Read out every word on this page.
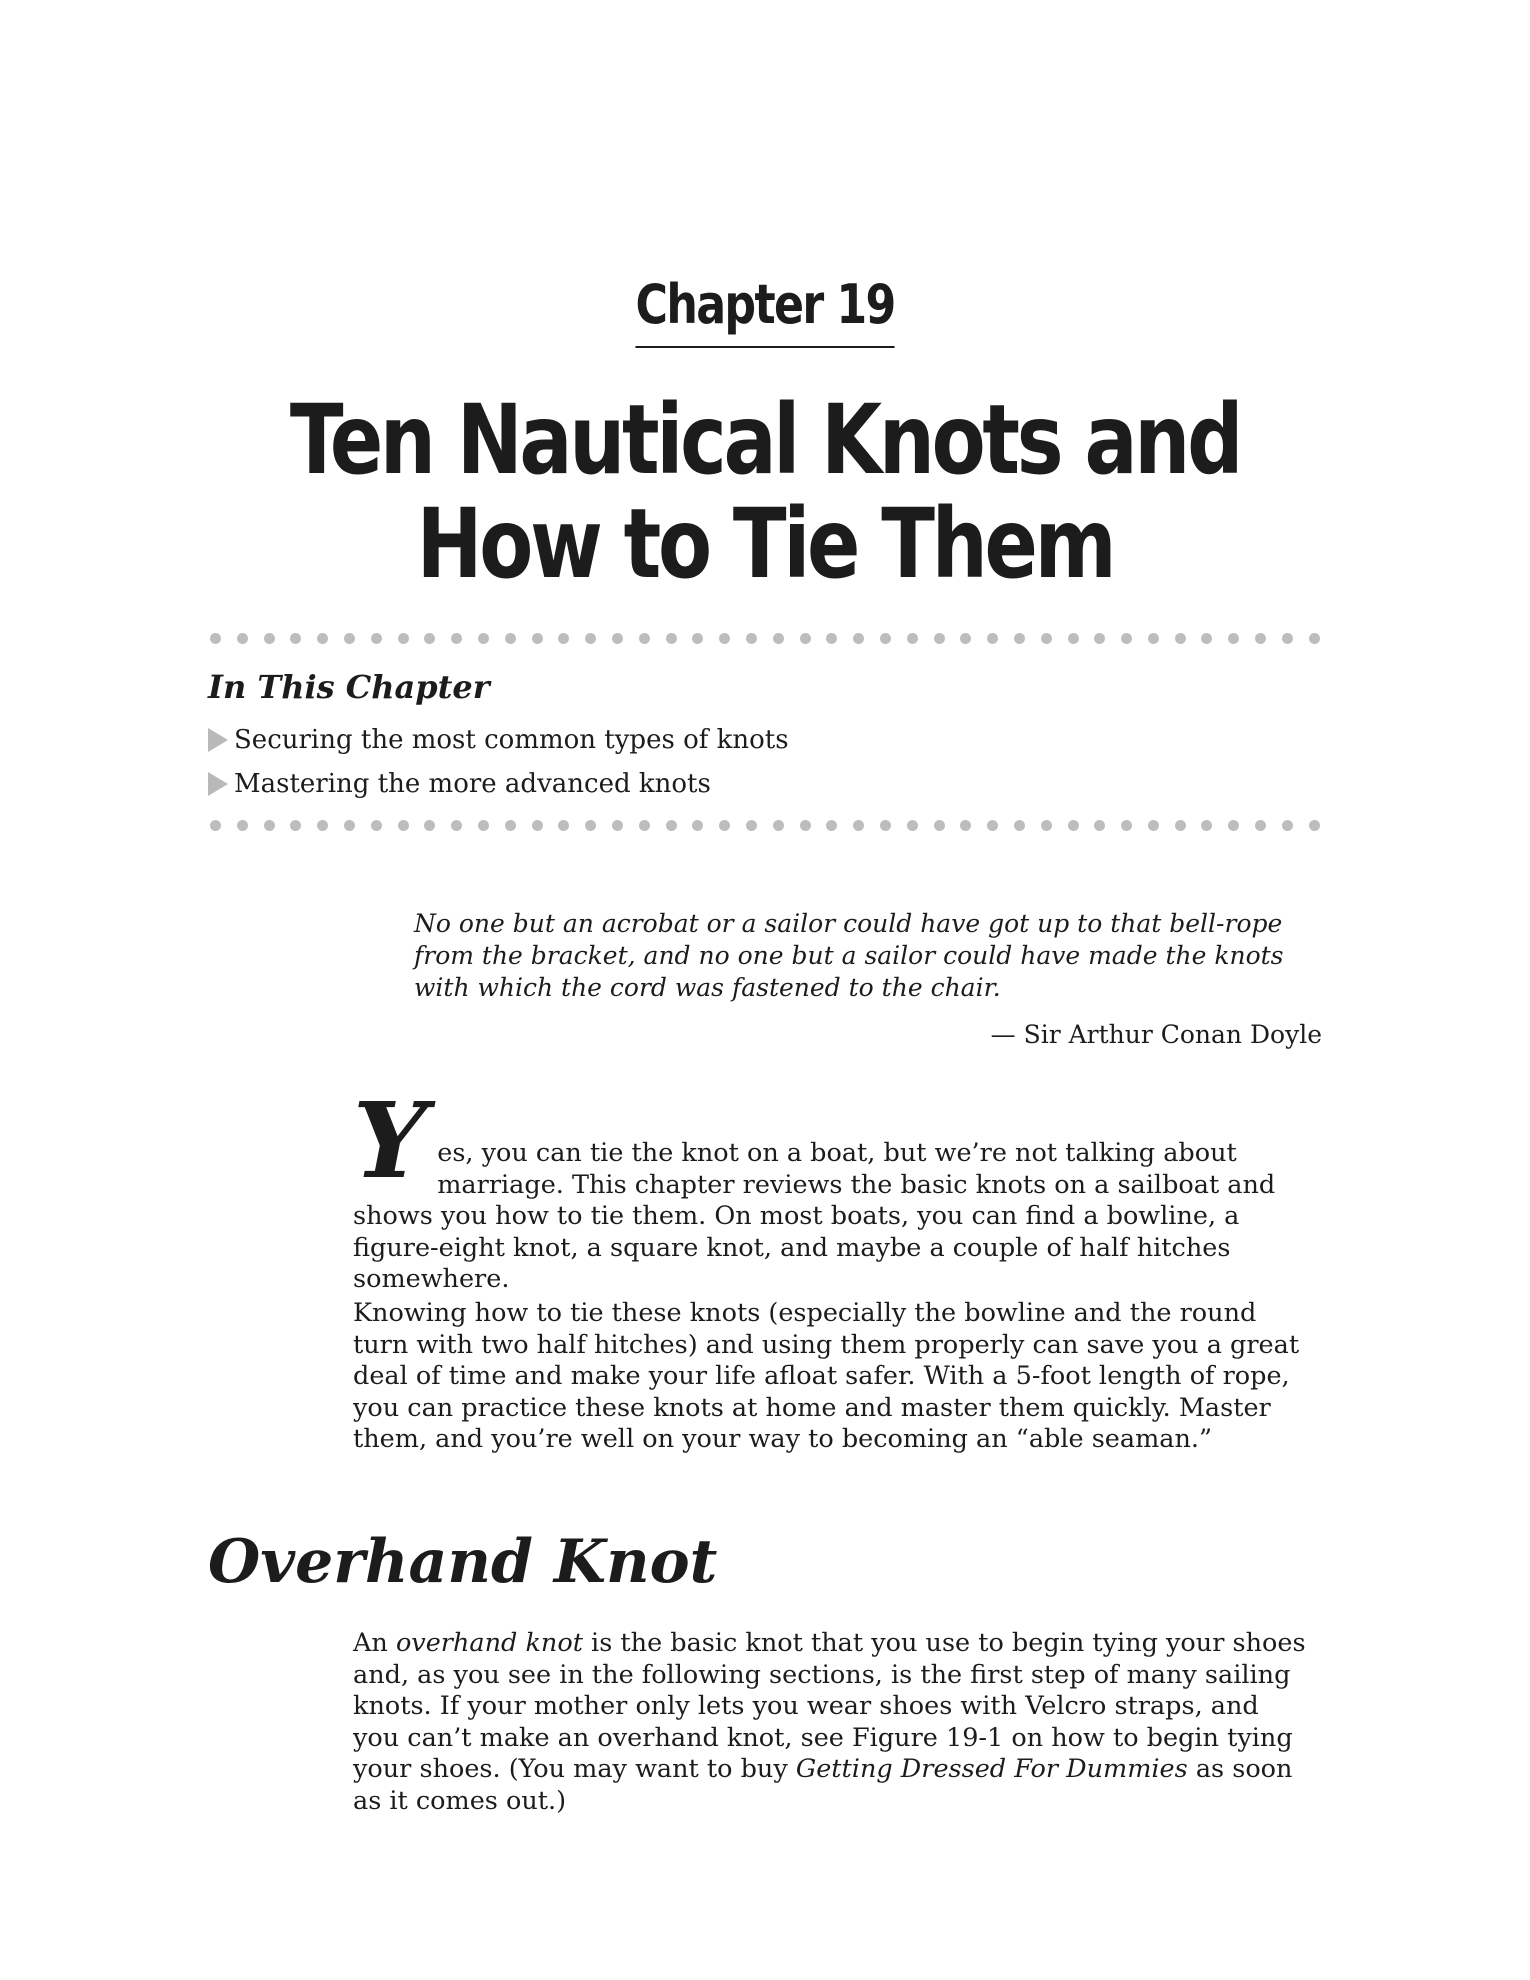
Chapter 19
Ten Nautical Knots and
How to Tie Them
In This Chapter
Securing the most common types of knots
Mastering the more advanced knots
No one but an acrobat or a sailor could have got up to that bell-rope from the bracket, and no one but a sailor could have made the knots with which the cord was fastened to the chair.
— Sir Arthur Conan Doyle
Yes, you can tie the knot on a boat, but we’re not talking about marriage. This chapter reviews the basic knots on a sailboat and shows you how to tie them. On most boats, you can find a bowline, a figure-eight knot, a square knot, and maybe a couple of half hitches somewhere.
Knowing how to tie these knots (especially the bowline and the round turn with two half hitches) and using them properly can save you a great deal of time and make your life afloat safer. With a 5-foot length of rope, you can practice these knots at home and master them quickly. Master them, and you’re well on your way to becoming an “able seaman.”
Overhand Knot
An overhand knot is the basic knot that you use to begin tying your shoes and, as you see in the following sections, is the first step of many sailing knots. If your mother only lets you wear shoes with Velcro straps, and you can’t make an overhand knot, see Figure 19-1 on how to begin tying your shoes. (You may want to buy Getting Dressed For Dummies as soon as it comes out.)
